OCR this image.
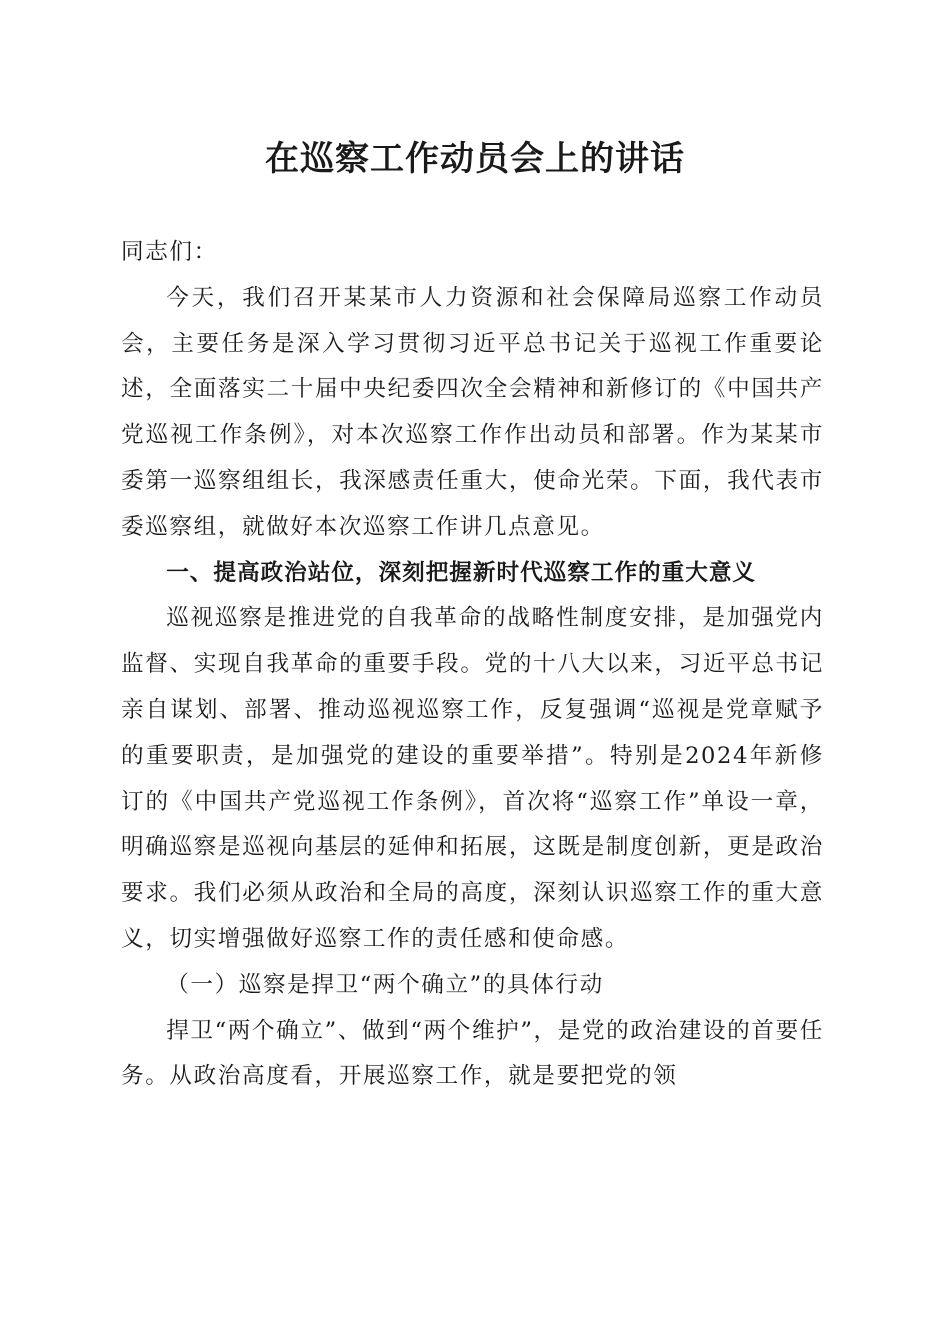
在巡察工作动员会上的讲话

同志们：

今天，我们召开某某市人力资源和社会保障局巡察工作动员会，主要任务是深入学习贯彻习近平总书记关于巡视工作重要论述，全面落实二十届中央纪委四次全会精神和新修订的《中国共产党巡视工作条例》，对本次巡察工作作出动员和部署。作为某某市委第一巡察组组长，我深感责任重大，使命光荣。下面，我代表市委巡察组，就做好本次巡察工作讲几点意见。

一、提高政治站位，深刻把握新时代巡察工作的重大意义

巡视巡察是推进党的自我革命的战略性制度安排，是加强党内监督、实现自我革命的重要手段。党的十八大以来，习近平总书记亲自谋划、部署、推动巡视巡察工作，反复强调“巡视是党章赋予的重要职责，是加强党的建设的重要举措”。特别是2024年新修订的《中国共产党巡视工作条例》，首次将“巡察工作”单设一章，明确巡察是巡视向基层的延伸和拓展，这既是制度创新，更是政治要求。我们必须从政治和全局的高度，深刻认识巡察工作的重大意义，切实增强做好巡察工作的责任感和使命感。

（一）巡察是捍卫“两个确立”的具体行动

捍卫“两个确立”、做到“两个维护”，是党的政治建设的首要任务。从政治高度看，开展巡察工作，就是要把党的领
